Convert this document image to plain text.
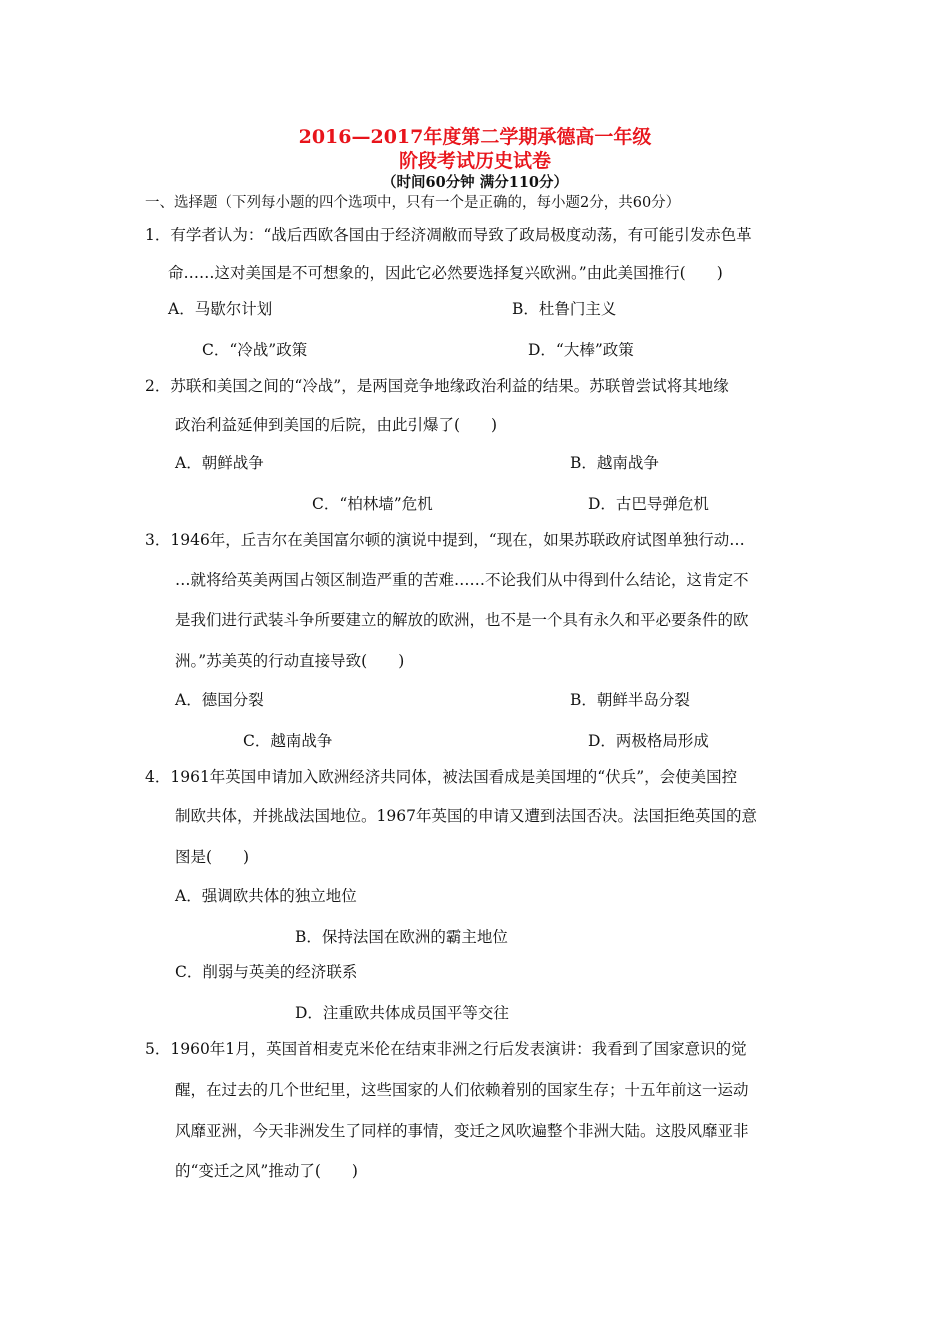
2016—2017年度第二学期承德高一年级
阶段考试历史试卷
（时间60分钟 满分110分）
一、选择题（下列每小题的四个选项中，只有一个是正确的，每小题2分，共60分）
1．有学者认为：“战后西欧各国由于经济凋敝而导致了政局极度动荡，有可能引发赤色革
命……这对美国是不可想象的，因此它必然要选择复兴欧洲。”由此美国推行(　　)
A．马歇尔计划	B．杜鲁门主义
C．“冷战”政策	D．“大棒”政策
2．苏联和美国之间的“冷战”，是两国竞争地缘政治利益的结果。苏联曾尝试将其地缘
政治利益延伸到美国的后院，由此引爆了(　　)
A．朝鲜战争	B．越南战争
C．“柏林墙”危机	D．古巴导弹危机
3．1946年，丘吉尔在美国富尔顿的演说中提到，“现在，如果苏联政府试图单独行动…
…就将给英美两国占领区制造严重的苦难……不论我们从中得到什么结论，这肯定不
是我们进行武装斗争所要建立的解放的欧洲，也不是一个具有永久和平必要条件的欧
洲。”苏美英的行动直接导致(　　)
A．德国分裂	B．朝鲜半岛分裂
C．越南战争	D．两极格局形成
4．1961年英国申请加入欧洲经济共同体，被法国看成是美国埋的“伏兵”，会使美国控
制欧共体，并挑战法国地位。1967年英国的申请又遭到法国否决。法国拒绝英国的意
图是(　　)
A．强调欧共体的独立地位
B．保持法国在欧洲的霸主地位
C．削弱与英美的经济联系
D．注重欧共体成员国平等交往
5．1960年1月，英国首相麦克米伦在结束非洲之行后发表演讲：我看到了国家意识的觉
醒，在过去的几个世纪里，这些国家的人们依赖着别的国家生存；十五年前这一运动
风靡亚洲，今天非洲发生了同样的事情，变迁之风吹遍整个非洲大陆。这股风靡亚非
的“变迁之风”推动了(　　)
